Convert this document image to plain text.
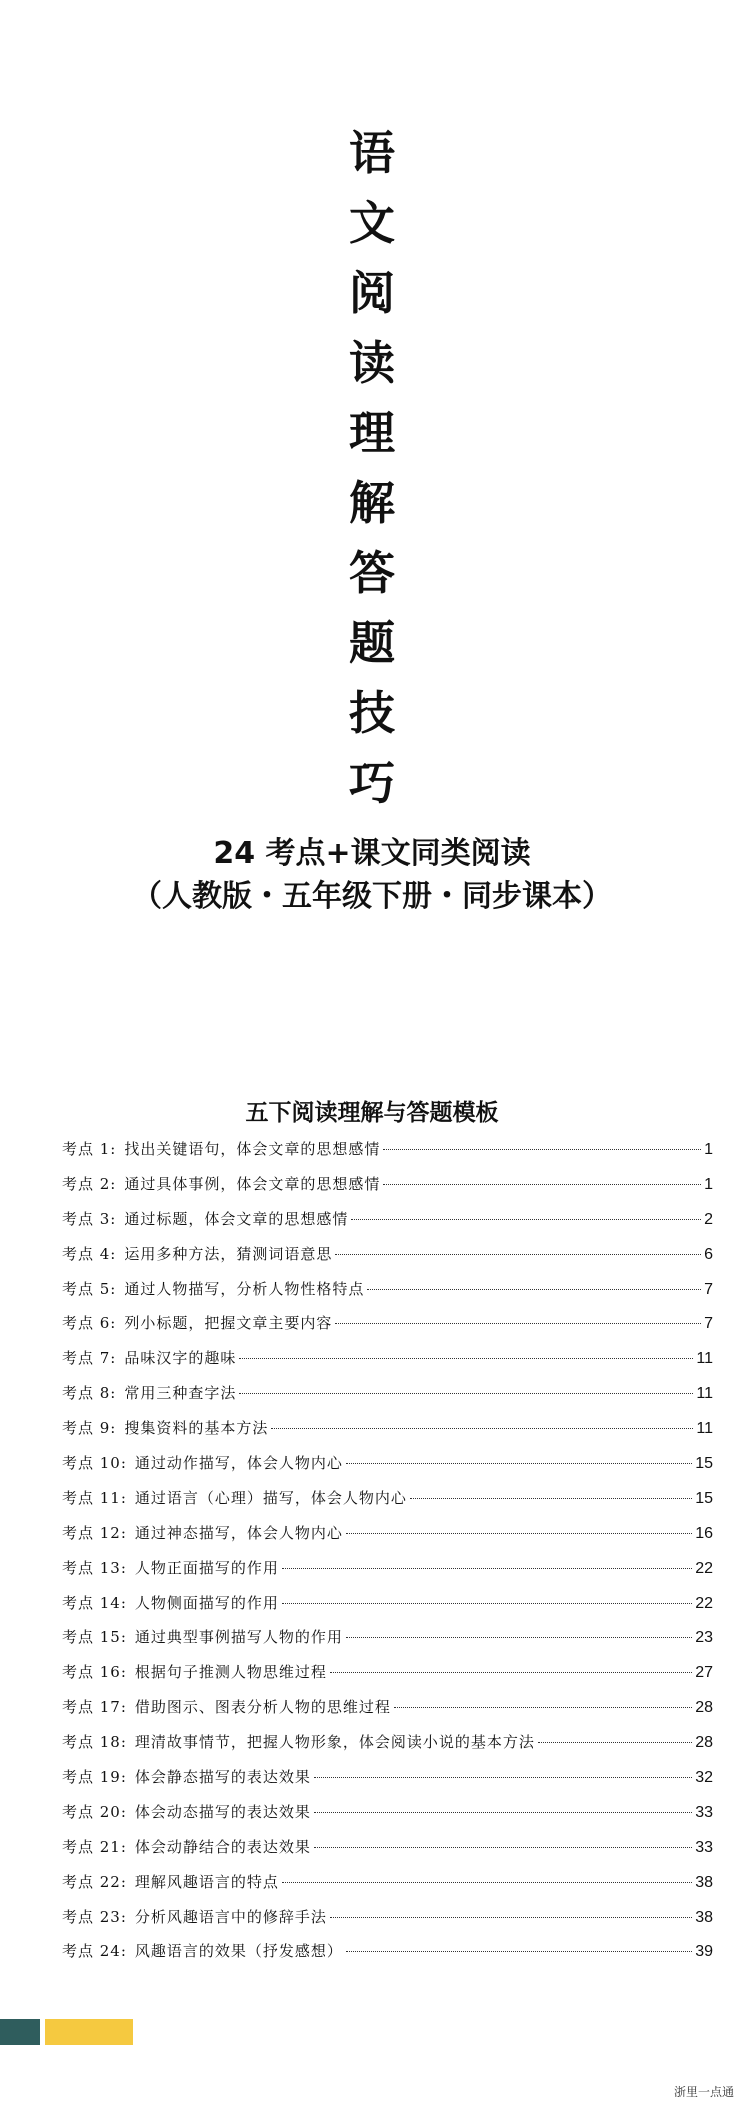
语
文
阅
读
理
解
答
题
技
巧
24 考点+课文同类阅读
（人教版・五年级下册・同步课本）
五下阅读理解与答题模板
考点 1: 找出关键语句，体会文章的思想感情	1
考点 2: 通过具体事例，体会文章的思想感情	1
考点 3: 通过标题，体会文章的思想感情	2
考点 4: 运用多种方法，猜测词语意思	6
考点 5: 通过人物描写，分析人物性格特点	7
考点 6: 列小标题，把握文章主要内容	7
考点 7: 品味汉字的趣味	11
考点 8: 常用三种查字法	11
考点 9: 搜集资料的基本方法	11
考点 10: 通过动作描写，体会人物内心	15
考点 11: 通过语言（心理）描写，体会人物内心	15
考点 12: 通过神态描写，体会人物内心	16
考点 13: 人物正面描写的作用	22
考点 14: 人物侧面描写的作用	22
考点 15: 通过典型事例描写人物的作用	23
考点 16: 根据句子推测人物思维过程	27
考点 17: 借助图示、图表分析人物的思维过程	28
考点 18: 理清故事情节，把握人物形象，体会阅读小说的基本方法	28
考点 19: 体会静态描写的表达效果	32
考点 20: 体会动态描写的表达效果	33
考点 21: 体会动静结合的表达效果	33
考点 22: 理解风趣语言的特点	38
考点 23: 分析风趣语言中的修辞手法	38
考点 24: 风趣语言的效果（抒发感想）	39
浙里一点通
